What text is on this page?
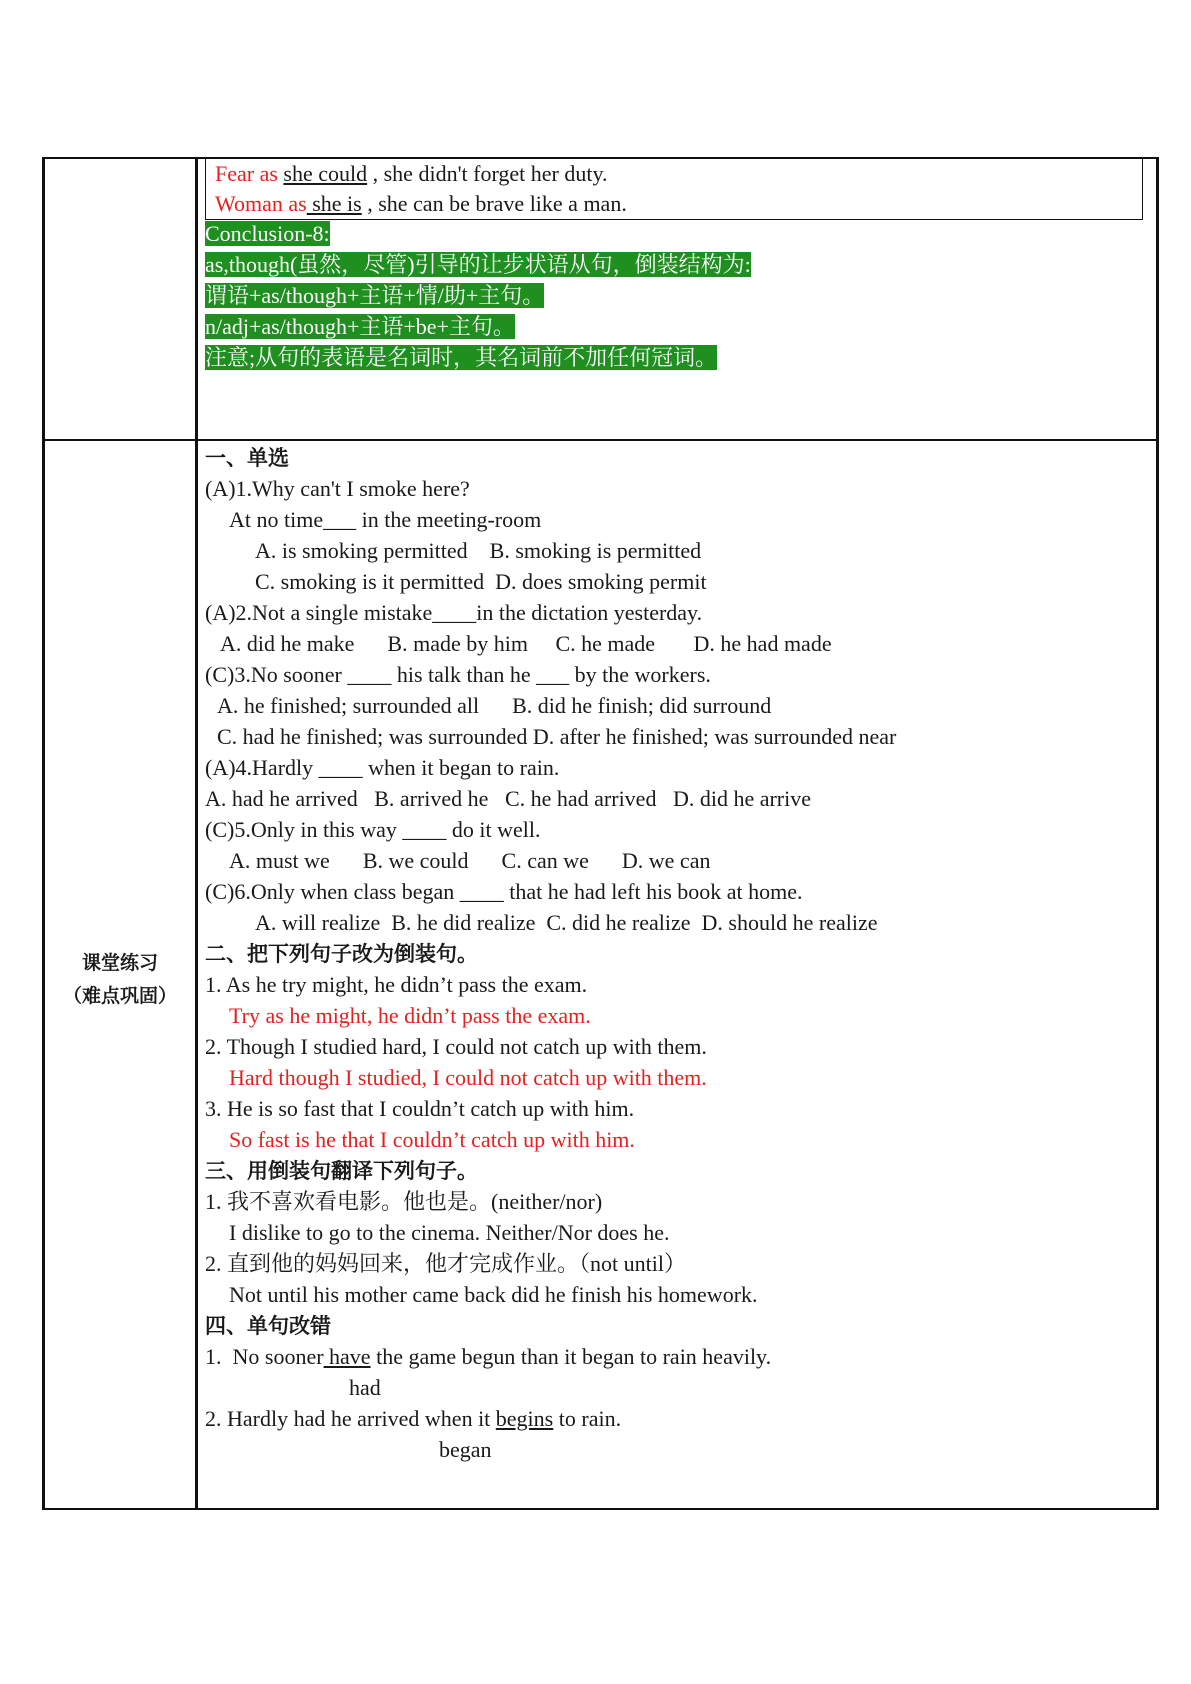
Fear as she could , she didn't forget her duty.
Woman as she is , she can be brave like a man.
Conclusion-8:
as,though(虽然，尽管)引导的让步状语从句，倒装结构为:
谓语+as/though+主语+情/助+主句。
n/adj+as/though+主语+be+主句。
注意;从句的表语是名词时，其名词前不加任何冠词。
课堂练习
（难点巩固）
一、单选
(A)1.Why can't I smoke here?
At no time___ in the meeting-room
A. is smoking permitted    B. smoking is permitted
C. smoking is it permitted  D. does smoking permit
(A)2.Not a single mistake____in the dictation yesterday.
A. did he make      B. made by him     C. he made       D. he had made
(C)3.No sooner ____ his talk than he ___ by the workers.
A. he finished; surrounded all      B. did he finish; did surround
C. had he finished; was surrounded D. after he finished; was surrounded near
(A)4.Hardly ____ when it began to rain.
A. had he arrived   B. arrived he   C. he had arrived   D. did he arrive
(C)5.Only in this way ____ do it well.
A. must we      B. we could      C. can we      D. we can
(C)6.Only when class began ____ that he had left his book at home.
A. will realize  B. he did realize  C. did he realize  D. should he realize
二、把下列句子改为倒装句。
1. As he try might, he didn’t pass the exam.
Try as he might, he didn’t pass the exam.
2. Though I studied hard, I could not catch up with them.
Hard though I studied, I could not catch up with them.
3. He is so fast that I couldn’t catch up with him.
So fast is he that I couldn’t catch up with him.
三、用倒装句翻译下列句子。
1. 我不喜欢看电影。他也是。(neither/nor)
I dislike to go to the cinema. Neither/Nor does he.
2. 直到他的妈妈回来，他才完成作业。（not until）
Not until his mother came back did he finish his homework.
四、单句改错
1.  No sooner have the game begun than it began to rain heavily.
had
2. Hardly had he arrived when it begins to rain.
began
